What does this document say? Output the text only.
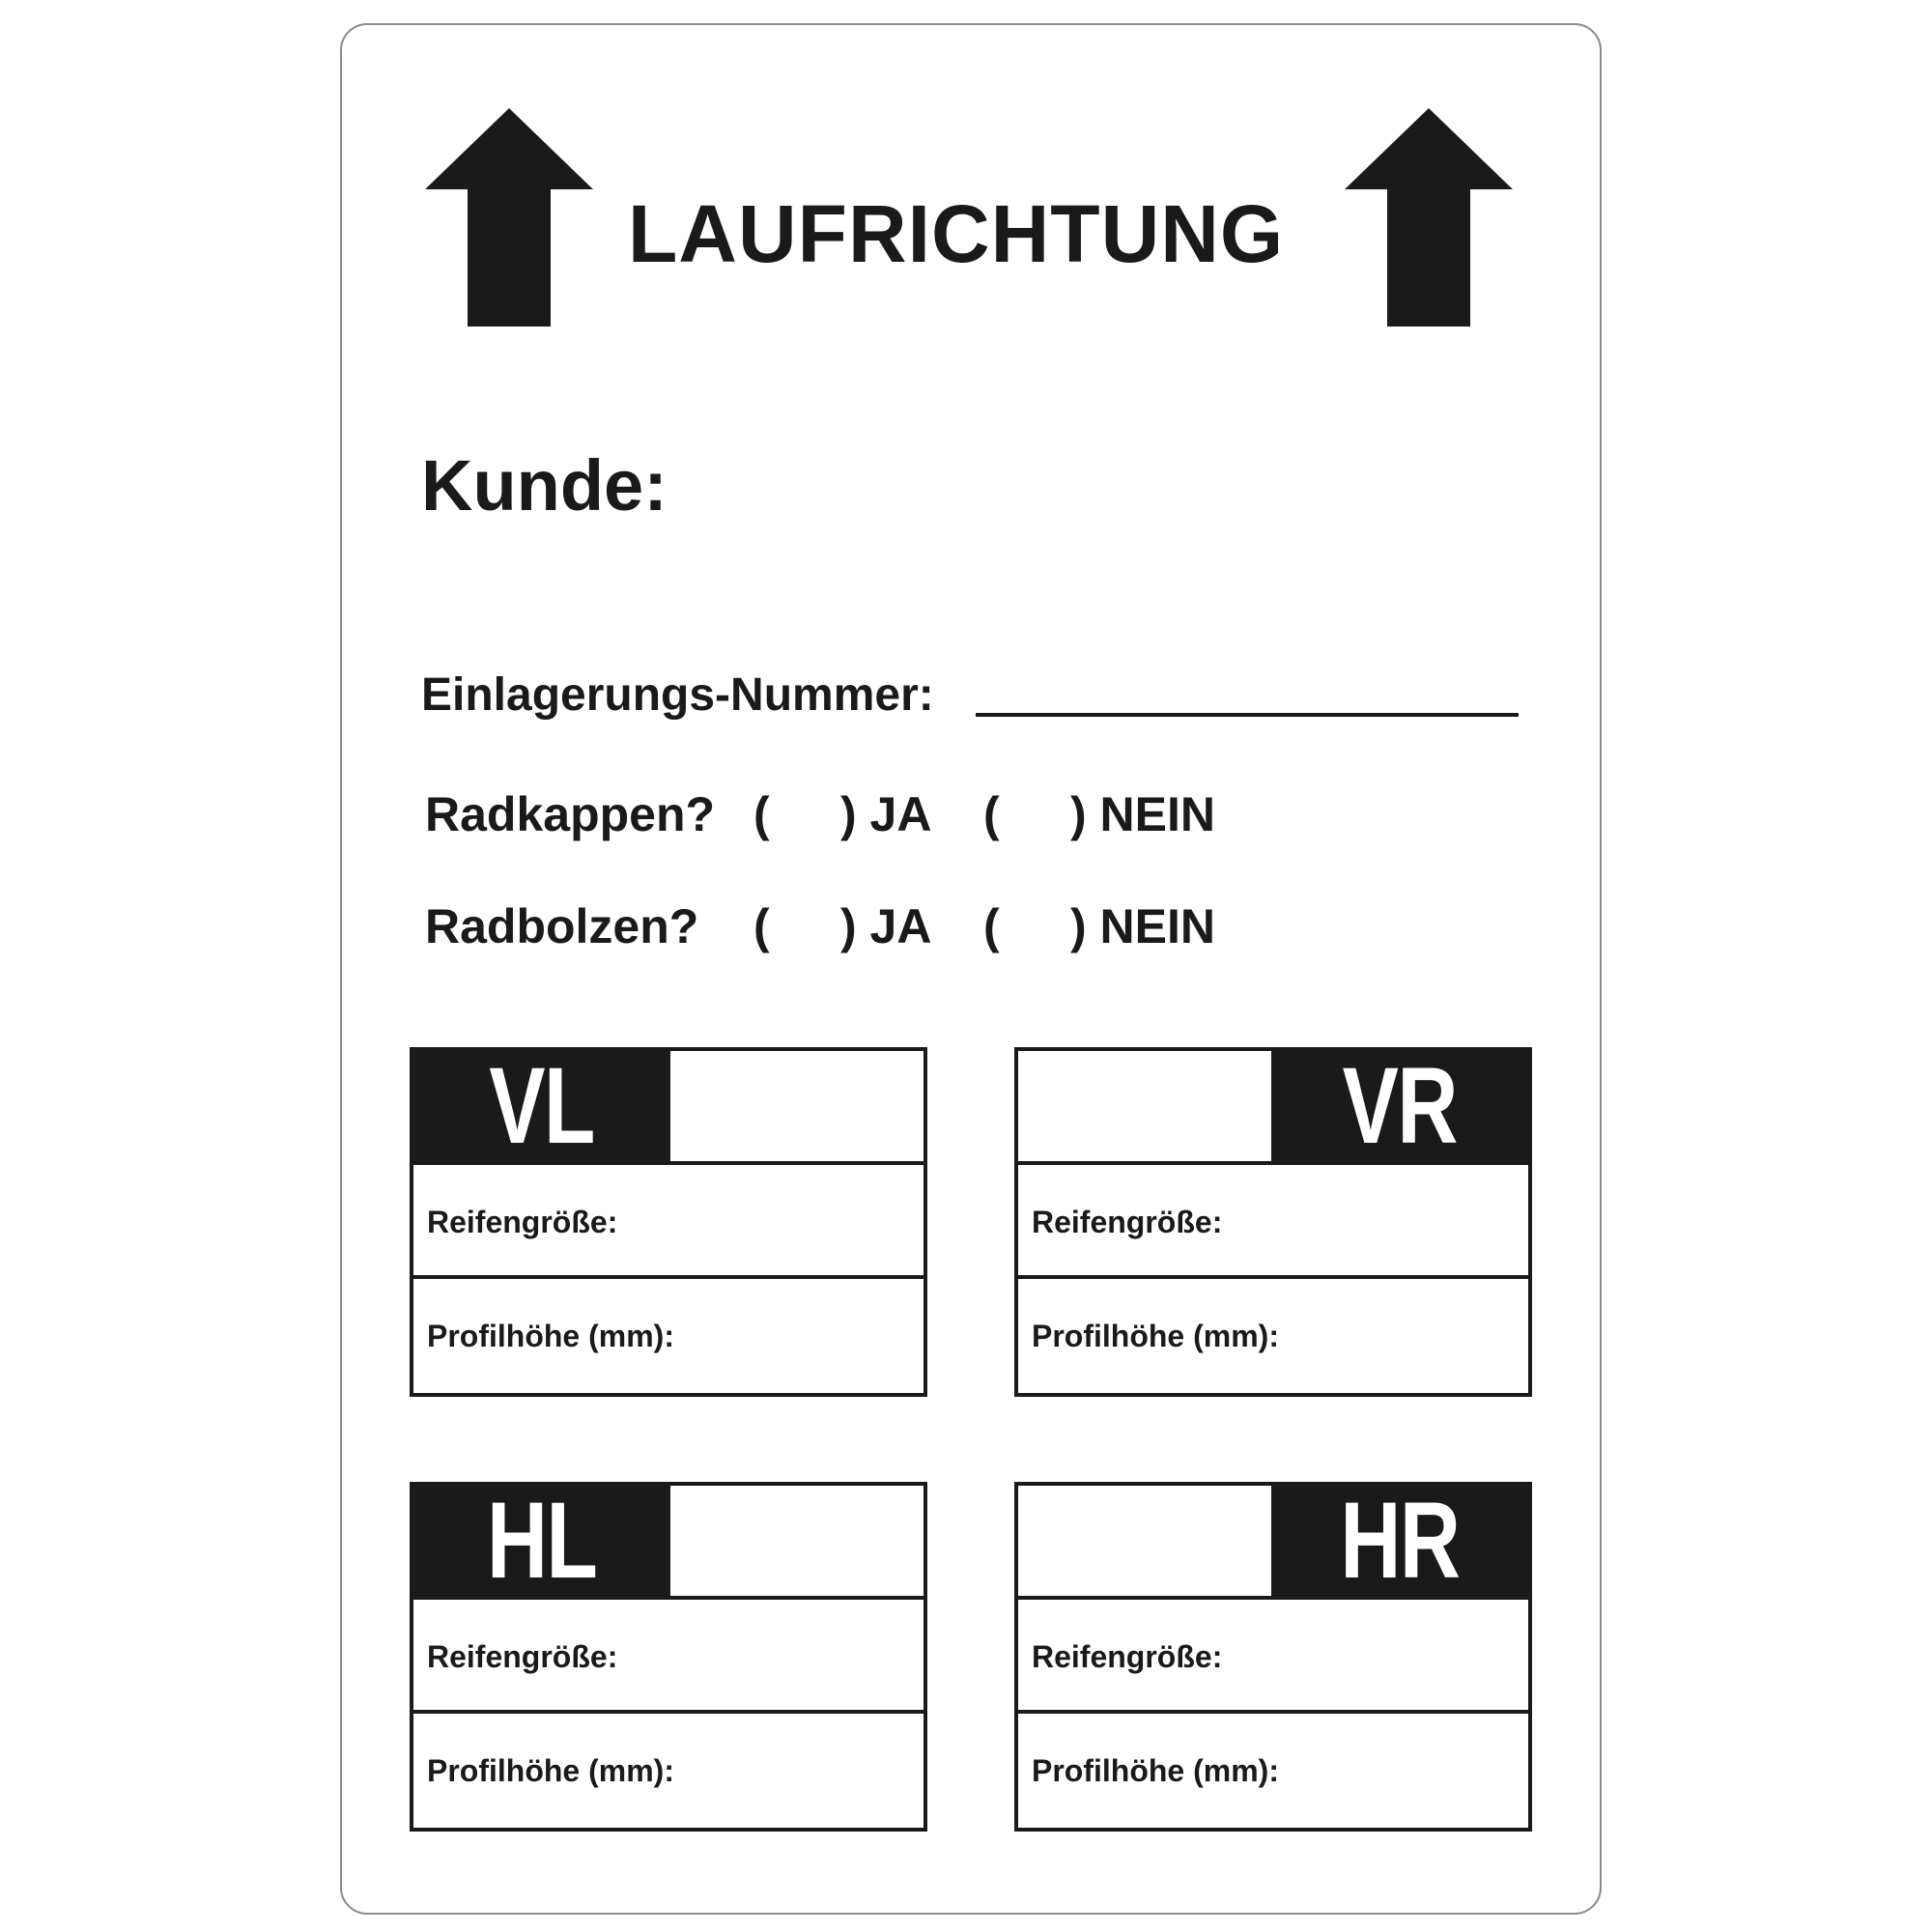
LAUFRICHTUNG
Kunde:
Einlagerungs-Nummer:
Radkappen? ( ) JA ( ) NEIN
Radbolzen? ( ) JA ( ) NEIN
VL
Reifengröße:
Profilhöhe (mm):
VR
Reifengröße:
Profilhöhe (mm):
HL
Reifengröße:
Profilhöhe (mm):
HR
Reifengröße:
Profilhöhe (mm):
